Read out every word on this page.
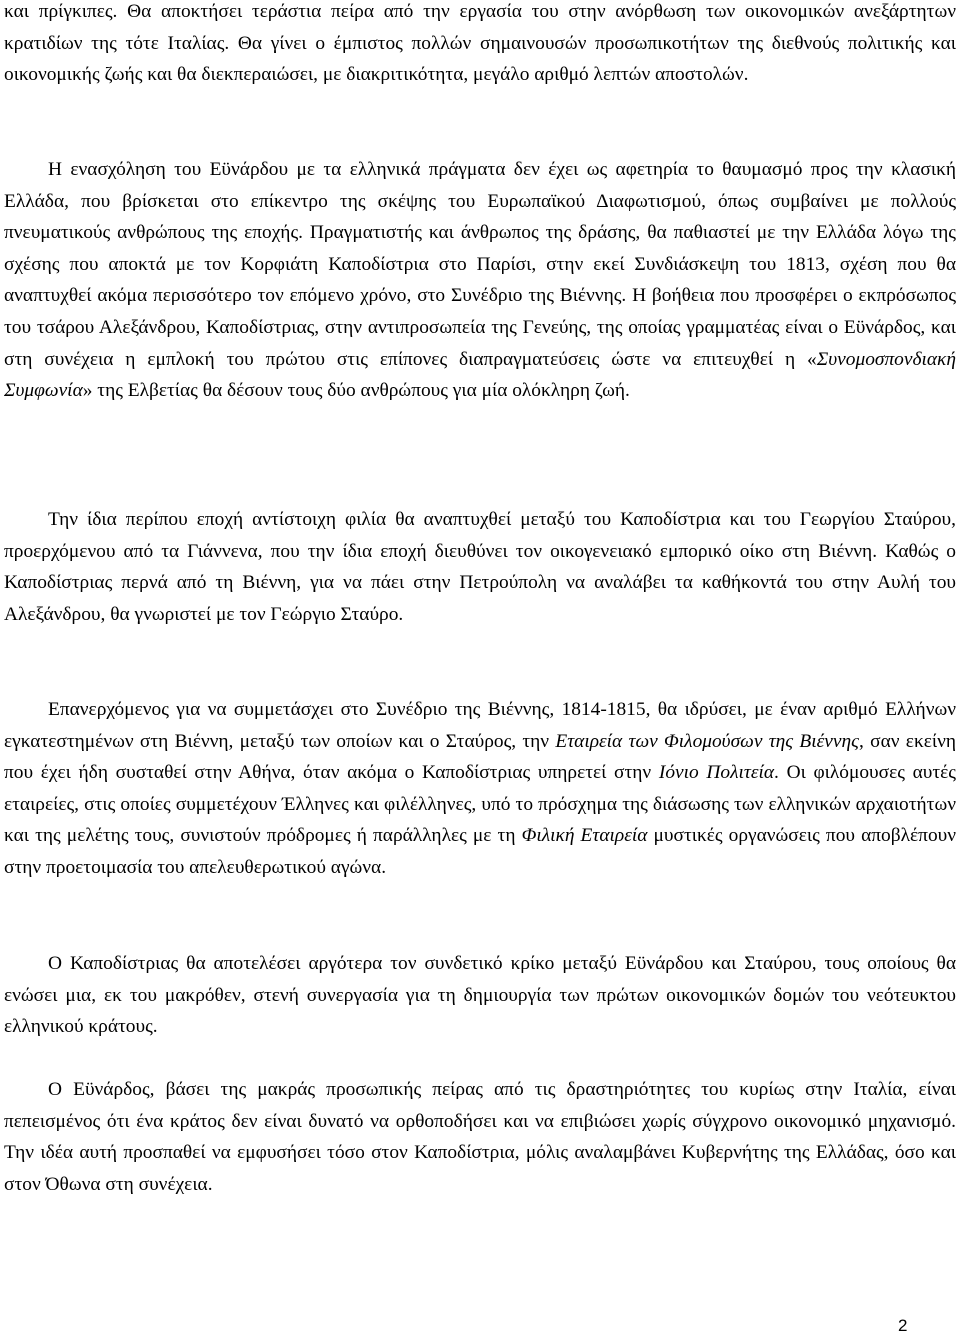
και πρίγκιπες. Θα αποκτήσει τεράστια πείρα από την εργασία του στην ανόρθωση των οικονομικών ανεξάρτητων κρατιδίων της τότε Ιταλίας. Θα γίνει ο έμπιστος πολλών σημαινουσών προσωπικοτήτων της διεθνούς πολιτικής και οικονομικής ζωής και θα διεκπεραιώσει, με διακριτικότητα, μεγάλο αριθμό λεπτών αποστολών.

Η ενασχόληση του Εϋνάρδου με τα ελληνικά πράγματα δεν έχει ως αφετηρία το θαυμασμό προς την κλασική Ελλάδα, που βρίσκεται στο επίκεντρο της σκέψης του Ευρωπαϊκού Διαφωτισμού, όπως συμβαίνει με πολλούς πνευματικούς ανθρώπους της εποχής. Πραγματιστής και άνθρωπος της δράσης, θα παθιαστεί με την Ελλάδα λόγω της σχέσης που αποκτά με τον Κορφιάτη Καποδίστρια στο Παρίσι, στην εκεί Συνδιάσκεψη του 1813, σχέση που θα αναπτυχθεί ακόμα περισσότερο τον επόμενο χρόνο, στο Συνέδριο της Βιέννης. Η βοήθεια που προσφέρει ο εκπρόσωπος του τσάρου Αλεξάνδρου, Καποδίστριας, στην αντιπροσωπεία της Γενεύης, της οποίας γραμματέας είναι ο Εϋνάρδος, και στη συνέχεια η εμπλοκή του πρώτου στις επίπονες διαπραγματεύσεις ώστε να επιτευχθεί η «Συνομοσπονδιακή Συμφωνία» της Ελβετίας θα δέσουν τους δύο ανθρώπους για μία ολόκληρη ζωή.

Την ίδια περίπου εποχή αντίστοιχη φιλία θα αναπτυχθεί μεταξύ του Καποδίστρια και του Γεωργίου Σταύρου, προερχόμενου από τα Γιάννενα, που την ίδια εποχή διευθύνει τον οικογενειακό εμπορικό οίκο στη Βιέννη. Καθώς ο Καποδίστριας περνά από τη Βιέννη, για να πάει στην Πετρούπολη να αναλάβει τα καθήκοντά του στην Αυλή του Αλεξάνδρου, θα γνωριστεί με τον Γεώργιο Σταύρο.

Επανερχόμενος για να συμμετάσχει στο Συνέδριο της Βιέννης, 1814-1815, θα ιδρύσει, με έναν αριθμό Ελλήνων εγκατεστημένων στη Βιέννη, μεταξύ των οποίων και ο Σταύρος, την Εταιρεία των Φιλομούσων της Βιέννης, σαν εκείνη που έχει ήδη συσταθεί στην Αθήνα, όταν ακόμα ο Καποδίστριας υπηρετεί στην Ιόνιο Πολιτεία. Οι φιλόμουσες αυτές εταιρείες, στις οποίες συμμετέχουν Έλληνες και φιλέλληνες, υπό το πρόσχημα της διάσωσης των ελληνικών αρχαιοτήτων και της μελέτης τους, συνιστούν πρόδρομες ή παράλληλες με τη Φιλική Εταιρεία μυστικές οργανώσεις που αποβλέπουν στην προετοιμασία του απελευθερωτικού αγώνα.

Ο Καποδίστριας θα αποτελέσει αργότερα τον συνδετικό κρίκο μεταξύ Εϋνάρδου και Σταύρου, τους οποίους θα ενώσει μια, εκ του μακρόθεν, στενή συνεργασία για τη δημιουργία των πρώτων οικονομικών δομών του νεότευκτου ελληνικού κράτους.

Ο Εϋνάρδος, βάσει της μακράς προσωπικής πείρας από τις δραστηριότητες του κυρίως στην Ιταλία, είναι πεπεισμένος ότι ένα κράτος δεν είναι δυνατό να ορθοποδήσει και να επιβιώσει χωρίς σύγχρονο οικονομικό μηχανισμό. Την ιδέα αυτή προσπαθεί να εμφυσήσει τόσο στον Καποδίστρια, μόλις αναλαμβάνει Κυβερνήτης της Ελλάδας, όσο και στον Όθωνα στη συνέχεια.

2
